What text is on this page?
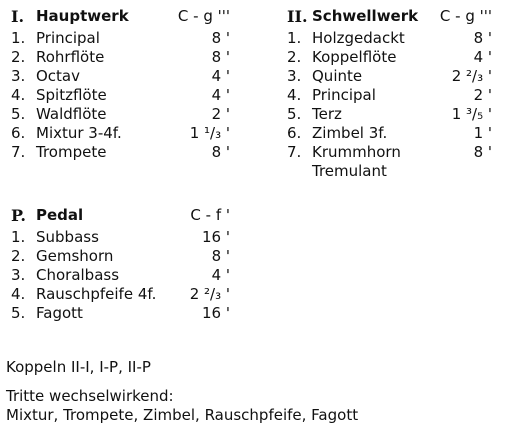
I. Hauptwerk	C - g '''
1. Principal	8 '
2. Rohrflöte	8 '
3. Octav	4 '
4. Spitzflöte	4 '
5. Waldflöte	2 '
6. Mixtur 3-4f.	1 ¹/₃ '
7. Trompete	8 '
II. Schwellwerk C - g '''
1. Holzgedackt	8 '
2. Koppelflöte	4 '
3. Quinte	2 ²/₃ '
4. Principal	2 '
5. Terz	1 ³/₅ '
6. Zimbel 3f.	1 '
7. Krummhorn	8 '
Tremulant
P. Pedal	C - f '
1. Subbass	16 '
2. Gemshorn	8 '
3. Choralbass	4 '
4. Rauschpfeife 4f. 2 ²/₃ '
5. Fagott	16 '
Koppeln II-I, I-P, II-P
Tritte wechselwirkend:
Mixtur, Trompete, Zimbel, Rauschpfeife, Fagott
